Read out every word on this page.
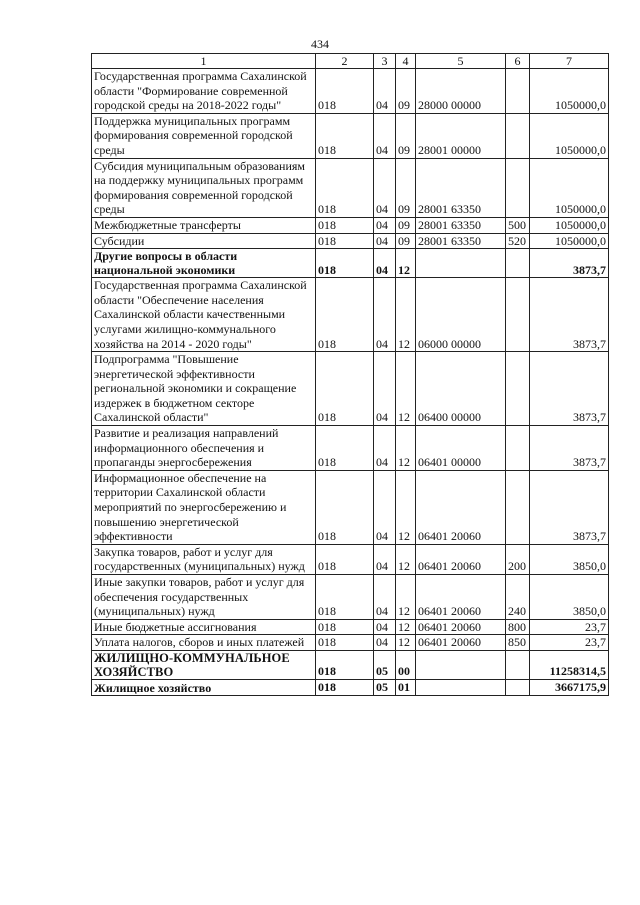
434
1	2	3	4	5	6	7
Государственная программа Сахалинской области "Формирование современной городской среды на 2018-2022 годы"	018	04	09	28000 00000		1050000,0
Поддержка муниципальных программ формирования современной городской среды	018	04	09	28001 00000		1050000,0
Субсидия муниципальным образованиям на поддержку муниципальных программ формирования современной городской среды	018	04	09	28001 63350		1050000,0
Межбюджетные трансферты	018	04	09	28001 63350	500	1050000,0
Субсидии	018	04	09	28001 63350	520	1050000,0
Другие вопросы в области национальной экономики	018	04	12			3873,7
Государственная программа Сахалинской области "Обеспечение населения Сахалинской области качественными услугами жилищно-коммунального хозяйства на 2014 - 2020 годы"	018	04	12	06000 00000		3873,7
Подпрограмма "Повышение энергетической эффективности региональной экономики и сокращение издержек в бюджетном секторе Сахалинской области"	018	04	12	06400 00000		3873,7
Развитие и реализация направлений информационного обеспечения и пропаганды энергосбережения	018	04	12	06401 00000		3873,7
Информационное обеспечение на территории Сахалинской области мероприятий по энергосбережению и повышению энергетической эффективности	018	04	12	06401 20060		3873,7
Закупка товаров, работ и услуг для государственных (муниципальных) нужд	018	04	12	06401 20060	200	3850,0
Иные закупки товаров, работ и услуг для обеспечения государственных (муниципальных) нужд	018	04	12	06401 20060	240	3850,0
Иные бюджетные ассигнования	018	04	12	06401 20060	800	23,7
Уплата налогов, сборов и иных платежей	018	04	12	06401 20060	850	23,7
ЖИЛИЩНО-КОММУНАЛЬНОЕ ХОЗЯЙСТВО	018	05	00			11258314,5
Жилищное хозяйство	018	05	01			3667175,9
